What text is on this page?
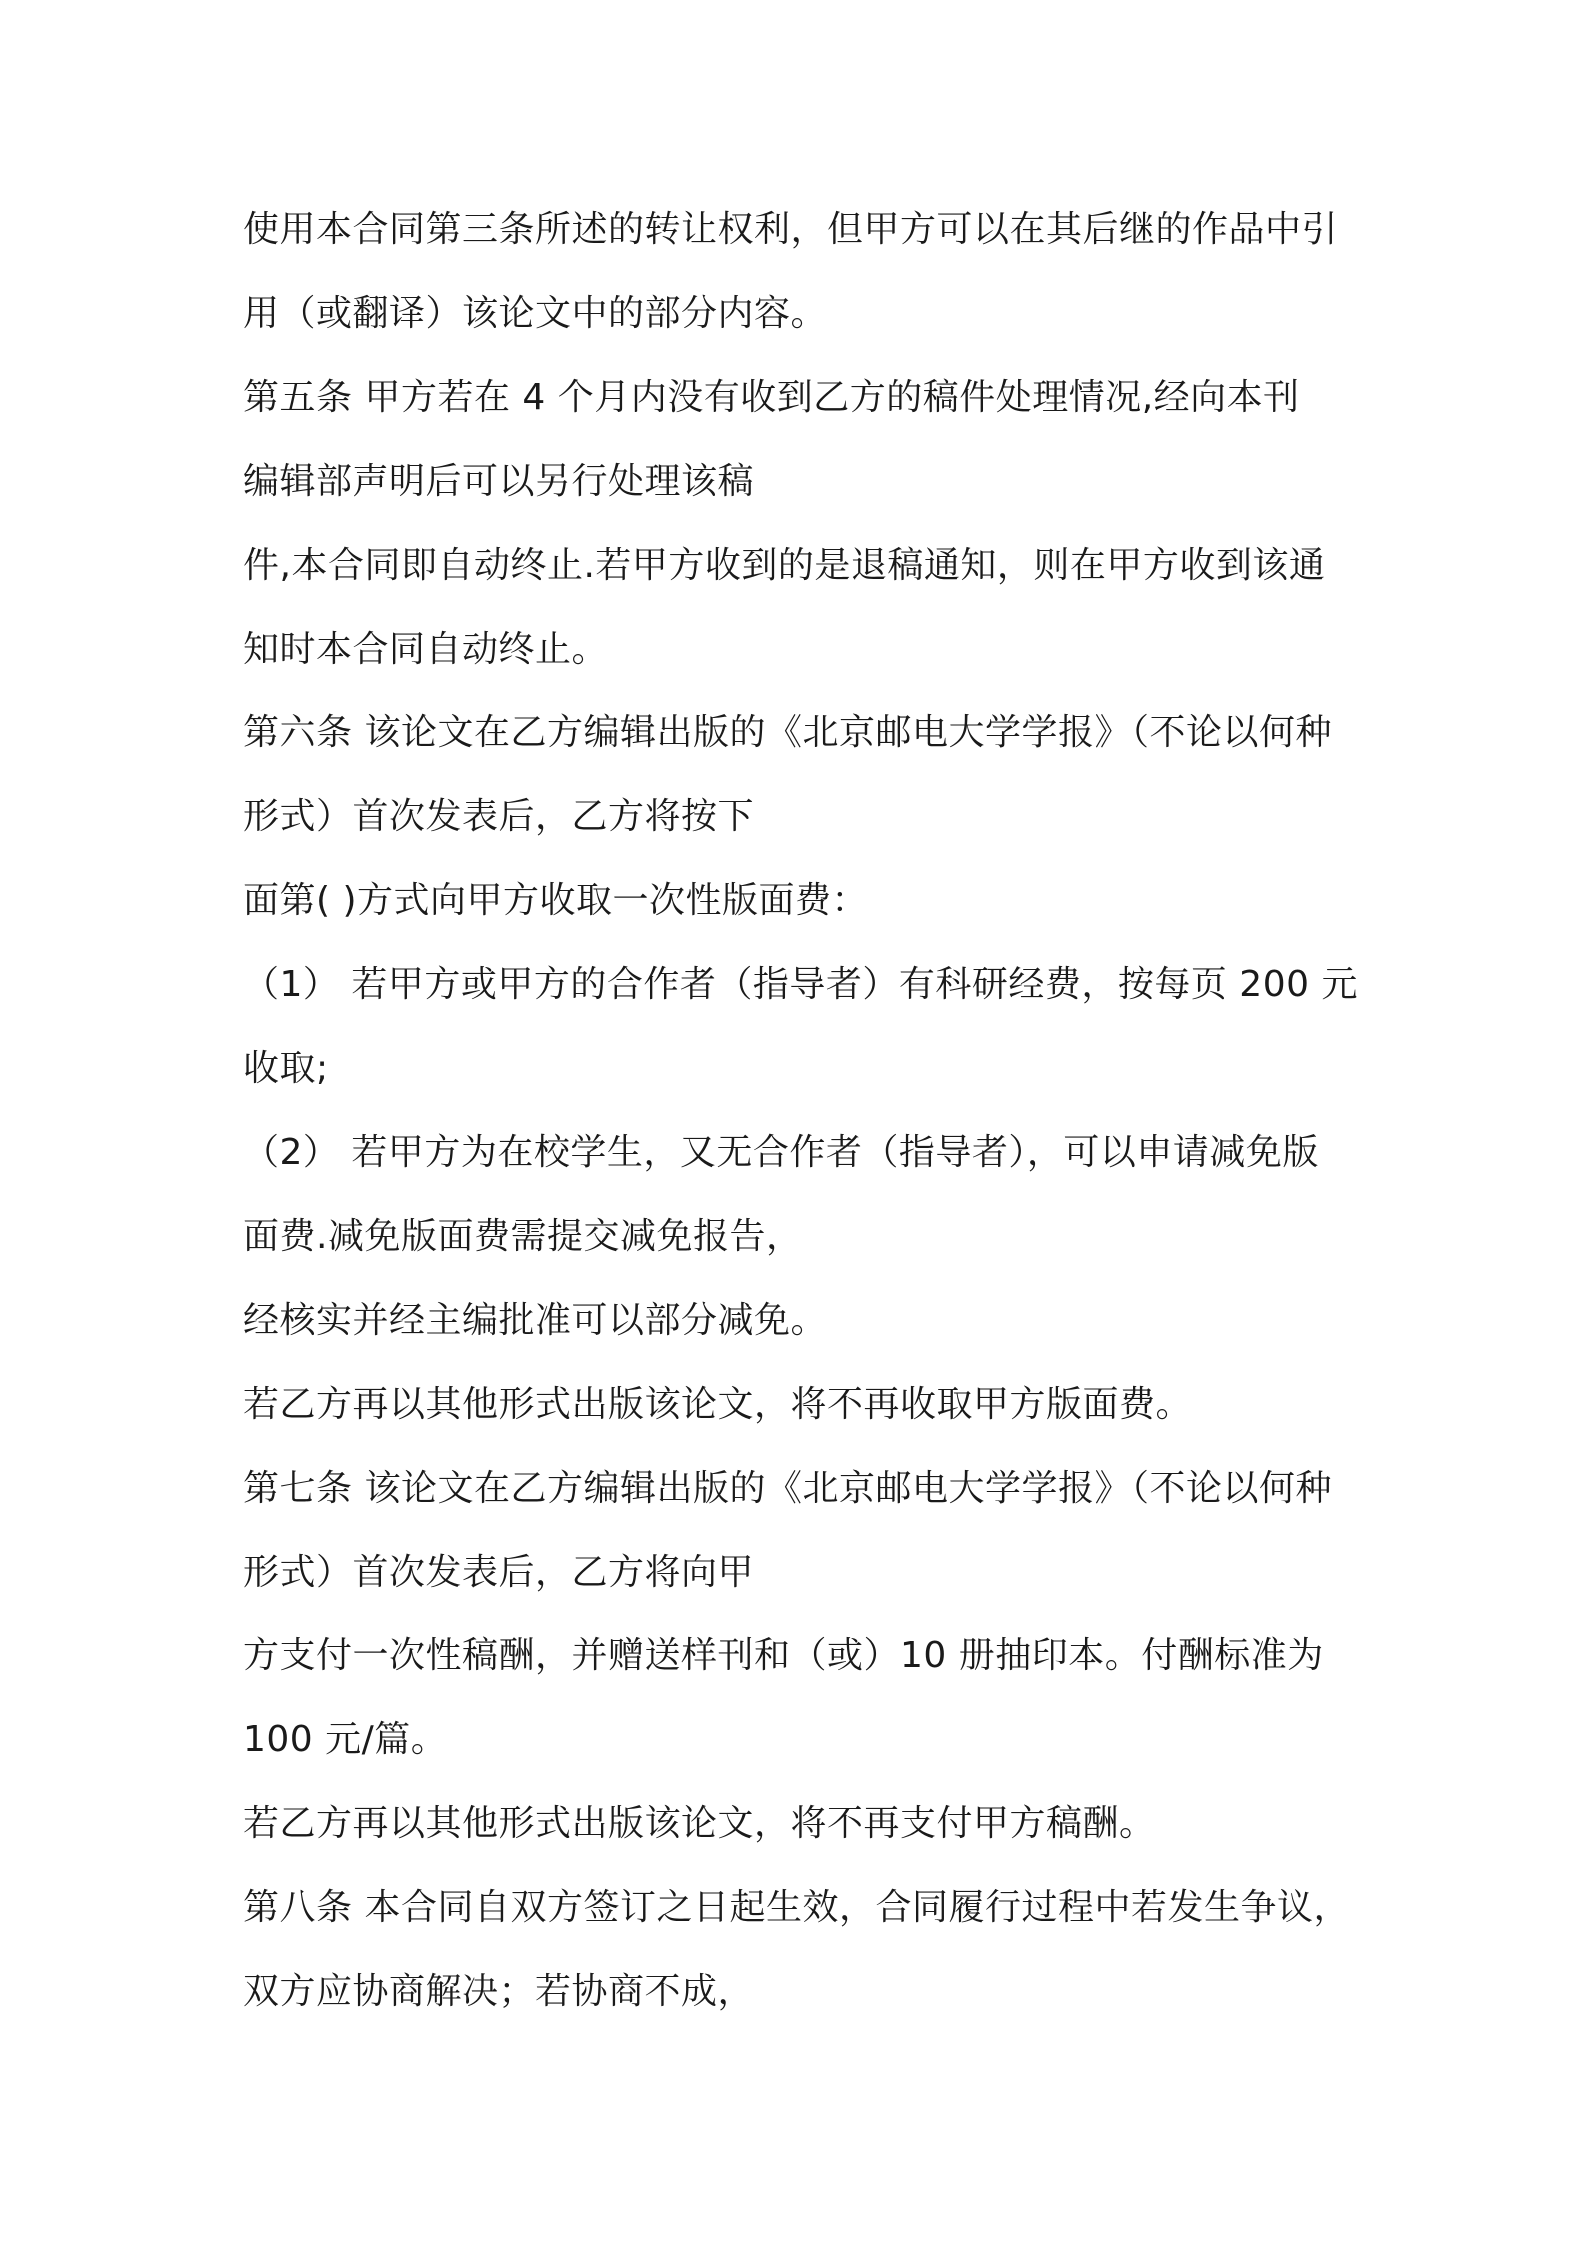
使用本合同第三条所述的转让权利，但甲方可以在其后继的作品中引
用（或翻译）该论文中的部分内容。
第五条 甲方若在 4 个月内没有收到乙方的稿件处理情况,经向本刊
编辑部声明后可以另行处理该稿
件,本合同即自动终止.若甲方收到的是退稿通知，则在甲方收到该通
知时本合同自动终止。
第六条 该论文在乙方编辑出版的《北京邮电大学学报》（不论以何种
形式）首次发表后，乙方将按下
面第( )方式向甲方收取一次性版面费：
（1） 若甲方或甲方的合作者（指导者）有科研经费，按每页 200 元
收取;
（2） 若甲方为在校学生，又无合作者（指导者），可以申请减免版
面费.减免版面费需提交减免报告，
经核实并经主编批准可以部分减免。
若乙方再以其他形式出版该论文，将不再收取甲方版面费。
第七条 该论文在乙方编辑出版的《北京邮电大学学报》（不论以何种
形式）首次发表后，乙方将向甲
方支付一次性稿酬，并赠送样刊和（或）10 册抽印本。付酬标准为
100 元/篇。
若乙方再以其他形式出版该论文，将不再支付甲方稿酬。
第八条 本合同自双方签订之日起生效，合同履行过程中若发生争议，
双方应协商解决；若协商不成，
